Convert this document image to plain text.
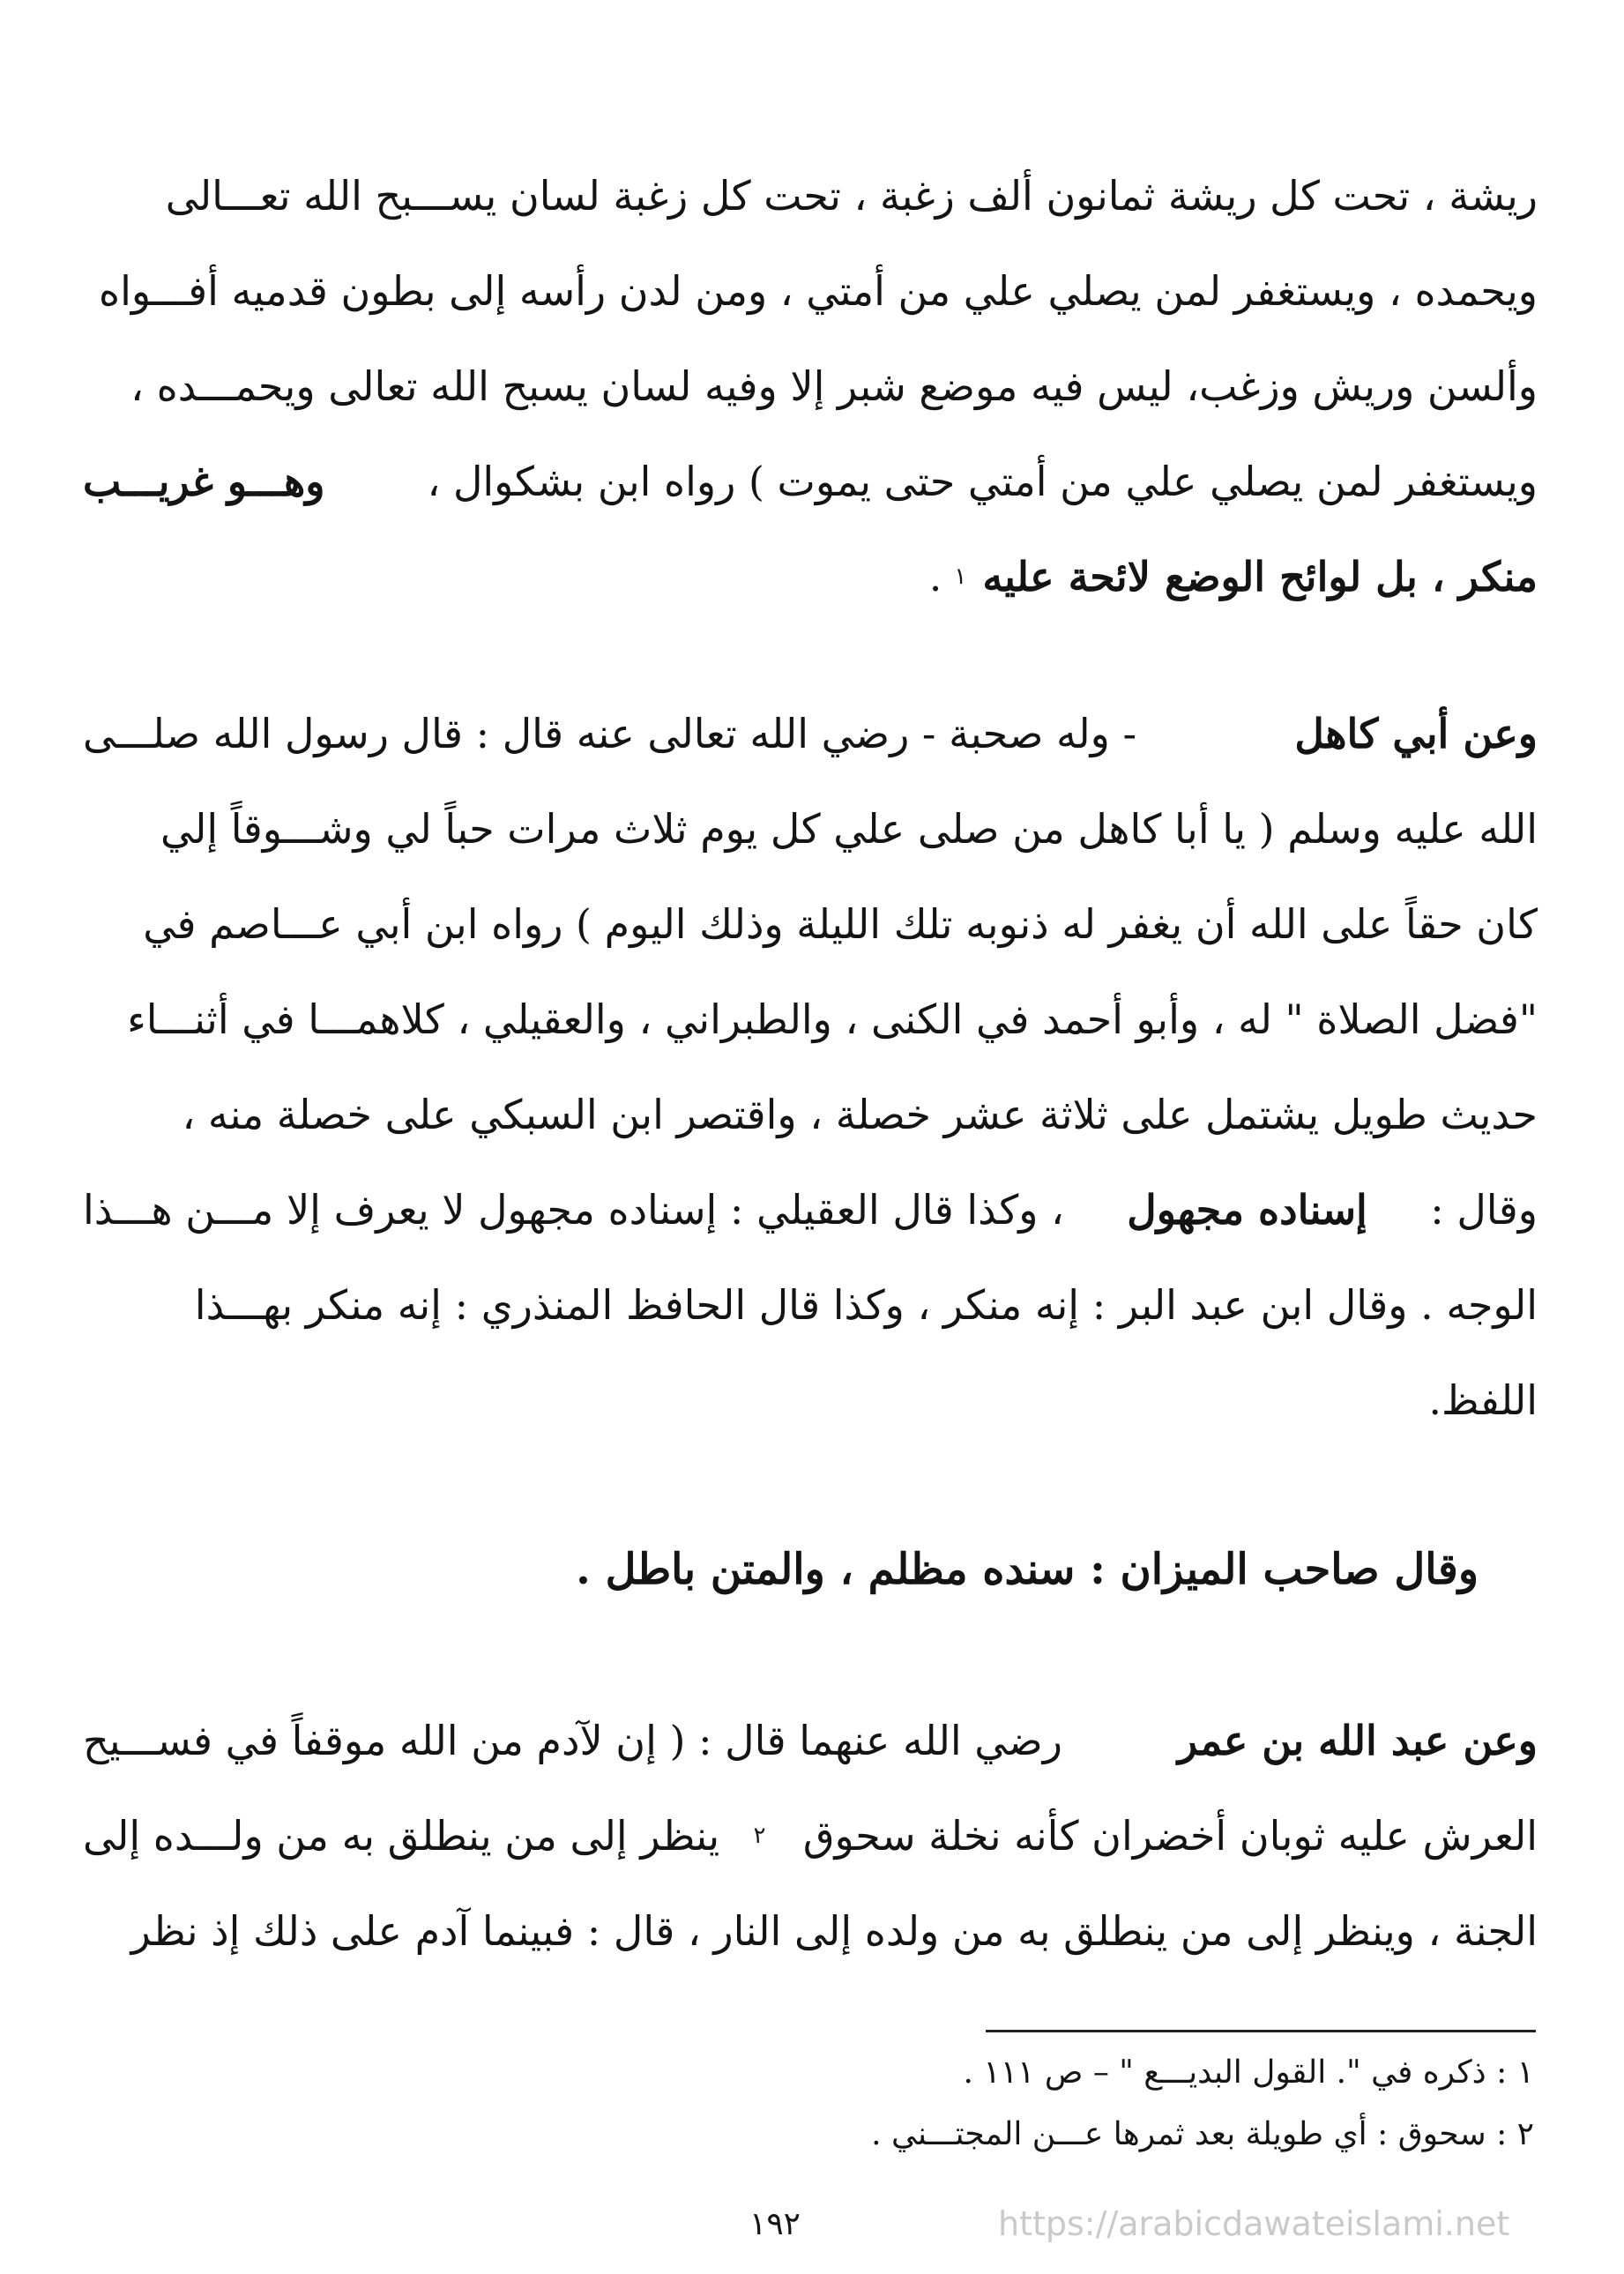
ريشة ، تحت كل ريشة ثمانون ألف زغبة ، تحت كل زغبة لسان يســـبح الله تعـــالى
ويحمده ، ويستغفر لمن يصلي علي من أمتي ، ومن لدن رأسه إلى بطون قدميه أفـــواه
وألسن وريش وزغب، ليس فيه موضع شبر إلا وفيه لسان يسبح الله تعالى ويحمـــده ،
ويستغفر لمن يصلي علي من أمتي حتى يموت ) رواه ابن بشكوال ،
وهـــو غريـــب
منكر ، بل لوائح الوضع لائحة عليه
١
.
وعن أبي كاهل
- وله صحبة - رضي الله تعالى عنه قال : قال رسول الله صلـــى
الله عليه وسلم ( يا أبا كاهل من صلى علي كل يوم ثلاث مرات حباً لي وشـــوقاً إلي
كان حقاً على الله أن يغفر له ذنوبه تلك الليلة وذلك اليوم ) رواه ابن أبي عـــاصم في
"فضل الصلاة " له ، وأبو أحمد في الكنى ، والطبراني ، والعقيلي ، كلاهمـــا في أثنـــاء
حديث طويل يشتمل على ثلاثة عشر خصلة ، واقتصر ابن السبكي على خصلة منه ،
وقال :
إسناده مجهول
، وكذا قال العقيلي : إسناده مجهول لا يعرف إلا مـــن هـــذا
الوجه . وقال ابن عبد البر : إنه منكر ، وكذا قال الحافظ المنذري : إنه منكر بهـــذا
اللفظ.
وقال صاحب الميزان : سنده مظلم ، والمتن باطل .
وعن عبد الله بن عمر
رضي الله عنهما قال : ( إن لآدم من الله موقفاً في فســـيح
العرش عليه ثوبان أخضران كأنه نخلة سحوق
٢
ينظر إلى من ينطلق به من ولـــده إلى
الجنة ، وينظر إلى من ينطلق به من ولده إلى النار ، قال : فبينما آدم على ذلك إذ نظر
١ : ذكره في ". القول البديـــع " – ص ١١١ .
٢ : سحوق : أي طويلة بعد ثمرها عـــن المجتـــني .
١٩٢	https://arabicdawateislami.net
